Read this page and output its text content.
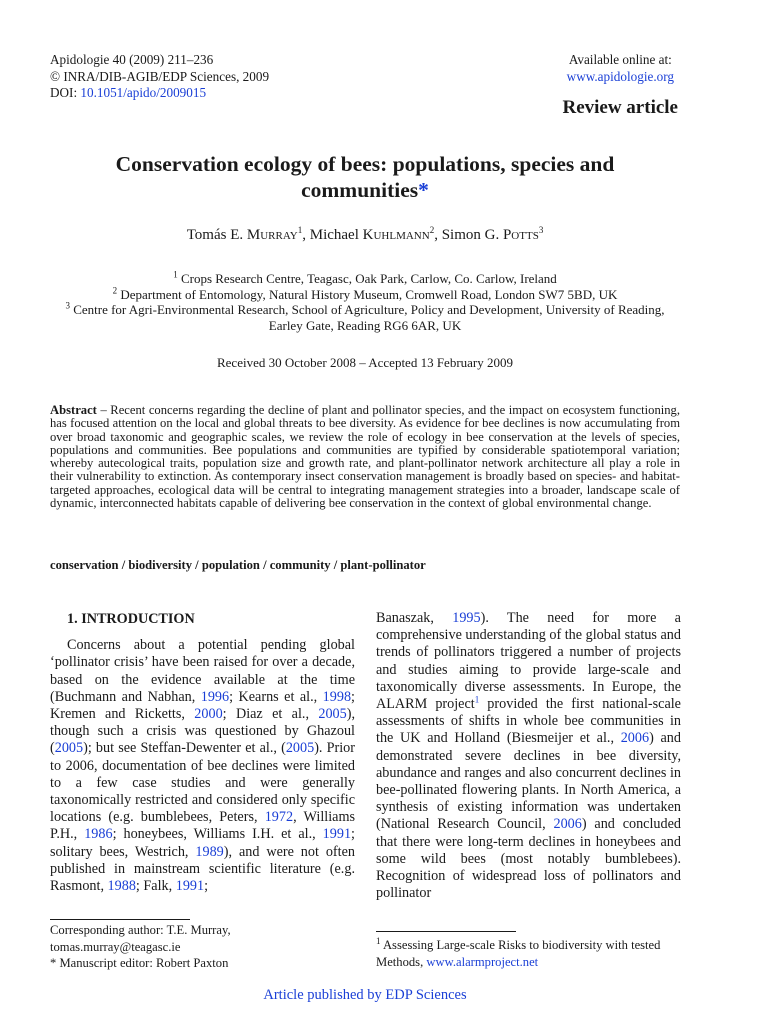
Apidologie 40 (2009) 211–236
© INRA/DIB-AGIB/EDP Sciences, 2009
DOI: 10.1051/apido/2009015
Available online at:
www.apidologie.org
Review article
Conservation ecology of bees: populations, species and
communities*
Tomás E. Murray$^1$, Michael Kuhlmann$^2$, Simon G. Potts$^3$
$^1$ Crops Research Centre, Teagasc, Oak Park, Carlow, Co. Carlow, Ireland
$^2$ Department of Entomology, Natural History Museum, Cromwell Road, London SW7 5BD, UK
$^3$ Centre for Agri-Environmental Research, School of Agriculture, Policy and Development, University of Reading, Earley Gate, Reading RG6 6AR, UK
Received 30 October 2008 – Accepted 13 February 2009
Abstract – Recent concerns regarding the decline of plant and pollinator species, and the impact on ecosystem functioning, has focused attention on the local and global threats to bee diversity. As evidence for bee declines is now accumulating from over broad taxonomic and geographic scales, we review the role of ecology in bee conservation at the levels of species, populations and communities. Bee populations and communities are typified by considerable spatiotemporal variation; whereby autecological traits, population size and growth rate, and plant-pollinator network architecture all play a role in their vulnerability to extinction. As contemporary insect conservation management is broadly based on species- and habitat-targeted approaches, ecological data will be central to integrating management strategies into a broader, landscape scale of dynamic, interconnected habitats capable of delivering bee conservation in the context of global environmental change.
conservation / biodiversity / population / community / plant-pollinator
1. INTRODUCTION

Concerns about a potential pending global ‘pollinator crisis’ have been raised for over a decade, based on the evidence available at the time (Buchmann and Nabhan, 1996; Kearns et al., 1998; Kremen and Ricketts, 2000; Diaz et al., 2005), though such a crisis was questioned by Ghazoul (2005); but see Steffan-Dewenter et al., (2005). Prior to 2006, documentation of bee declines were limited to a few case studies and were generally taxonomically restricted and considered only specific locations (e.g. bumblebees, Peters, 1972, Williams P.H., 1986; honeybees, Williams I.H. et al., 1991; solitary bees, Westrich, 1989), and were not often published in mainstream scientific literature (e.g. Rasmont, 1988; Falk, 1991;

Banaszak, 1995). The need for more a comprehensive understanding of the global status and trends of pollinators triggered a number of projects and studies aiming to provide large-scale and taxonomically diverse assessments. In Europe, the ALARM project$^1$ provided the first national-scale assessments of shifts in whole bee communities in the UK and Holland (Biesmeijer et al., 2006) and demonstrated severe declines in bee diversity, abundance and ranges and also concurrent declines in bee-pollinated flowering plants. In North America, a synthesis of existing information was undertaken (National Research Council, 2006) and concluded that there were long-term declines in honeybees and some wild bees (most notably bumblebees). Recognition of widespread loss of pollinators and pollinator

Corresponding author: T.E. Murray,
tomas.murray@teagasc.ie
* Manuscript editor: Robert Paxton
$^1$ Assessing Large-scale Risks to biodiversity with tested Methods, www.alarmproject.net
Article published by EDP Sciences
